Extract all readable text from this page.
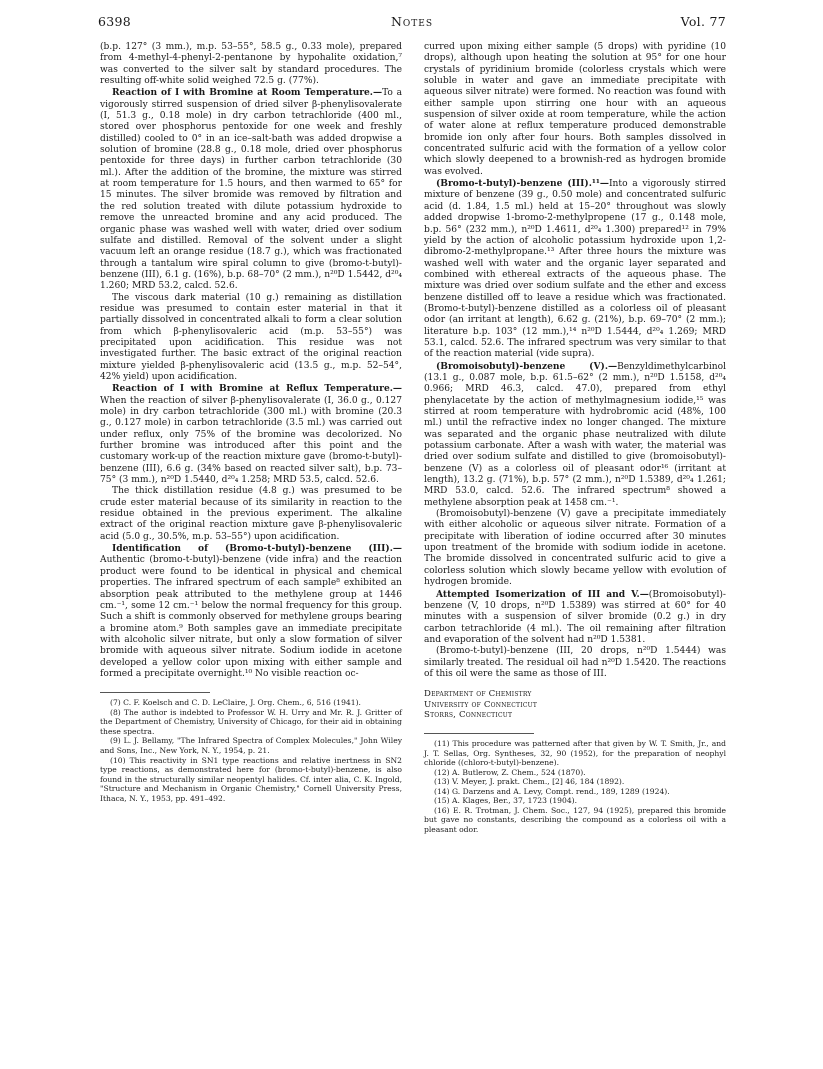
6398	Notes	Vol. 77

(b.p. 127° (3 mm.), m.p. 53–55°, 58.5 g., 0.33 mole), prepared from 4-methyl-4-phenyl-2-pentanone by hypohalite oxidation,⁷ was converted to the silver salt by standard procedures. The resulting off-white solid weighed 72.5 g. (77%).

Reaction of I with Bromine at Room Temperature.—To a vigorously stirred suspension of dried silver β-phenylisovalerate (I, 51.3 g., 0.18 mole) in dry carbon tetrachloride (400 ml., stored over phosphorus pentoxide for one week and freshly distilled) cooled to 0° in an ice–salt-bath was added dropwise a solution of bromine (28.8 g., 0.18 mole, dried over phosphorus pentoxide for three days) in further carbon tetrachloride (30 ml.). After the addition of the bromine, the mixture was stirred at room temperature for 1.5 hours, and then warmed to 65° for 15 minutes. The silver bromide was removed by filtration and the red solution treated with dilute potassium hydroxide to remove the unreacted bromine and any acid produced. The organic phase was washed well with water, dried over sodium sulfate and distilled. Removal of the solvent under a slight vacuum left an orange residue (18.7 g.), which was fractionated through a tantalum wire spiral column to give (bromo-t-butyl)-benzene (III), 6.1 g. (16%), b.p. 68–70° (2 mm.), n²⁰D 1.5442, d²⁰₄ 1.260; MRD 53.2, calcd. 52.6.

The viscous dark material (10 g.) remaining as distillation residue was presumed to contain ester material in that it partially dissolved in concentrated alkali to form a clear solution from which β-phenylisovaleric acid (m.p. 53–55°) was precipitated upon acidification. This residue was not investigated further. The basic extract of the original reaction mixture yielded β-phenylisovaleric acid (13.5 g., m.p. 52–54°, 42% yield) upon acidification.

Reaction of I with Bromine at Reflux Temperature.—When the reaction of silver β-phenylisovalerate (I, 36.0 g., 0.127 mole) in dry carbon tetrachloride (300 ml.) with bromine (20.3 g., 0.127 mole) in carbon tetrachloride (3.5 ml.) was carried out under reflux, only 75% of the bromine was decolorized. No further bromine was introduced after this point and the customary work-up of the reaction mixture gave (bromo-t-butyl)-benzene (III), 6.6 g. (34% based on reacted silver salt), b.p. 73–75° (3 mm.), n²⁰D 1.5440, d²⁰₄ 1.258; MRD 53.5, calcd. 52.6.

The thick distillation residue (4.8 g.) was presumed to be crude ester material because of its similarity in reaction to the residue obtained in the previous experiment. The alkaline extract of the original reaction mixture gave β-phenylisovaleric acid (5.0 g., 30.5%, m.p. 53–55°) upon acidification.

Identification of (Bromo-t-butyl)-benzene (III).—Authentic (bromo-t-butyl)-benzene (vide infra) and the reaction product were found to be identical in physical and chemical properties. The infrared spectrum of each sample⁸ exhibited an absorption peak attributed to the methylene group at 1446 cm.⁻¹, some 12 cm.⁻¹ below the normal frequency for this group. Such a shift is commonly observed for methylene groups bearing a bromine atom.⁹ Both samples gave an immediate precipitate with alcoholic silver nitrate, but only a slow formation of silver bromide with aqueous silver nitrate. Sodium iodide in acetone developed a yellow color upon mixing with either sample and formed a precipitate overnight.¹⁰ No visible reaction oc-

(7) C. F. Koelsch and C. D. LeClaire, J. Org. Chem., 6, 516 (1941).

(8) The author is indebted to Professor W. H. Urry and Mr. R. J. Gritter of the Department of Chemistry, University of Chicago, for their aid in obtaining these spectra.

(9) L. J. Bellamy, "The Infrared Spectra of Complex Molecules," John Wiley and Sons, Inc., New York, N. Y., 1954, p. 21.

(10) This reactivity in SN1 type reactions and relative inertness in SN2 type reactions, as demonstrated here for (bromo-t-butyl)-benzene, is also found in the structurally similar neopentyl halides. Cf. inter alia, C. K. Ingold, "Structure and Mechanism in Organic Chemistry," Cornell University Press, Ithaca, N. Y., 1953, pp. 491–492.

curred upon mixing either sample (5 drops) with pyridine (10 drops), although upon heating the solution at 95° for one hour crystals of pyridinium bromide (colorless crystals which were soluble in water and gave an immediate precipitate with aqueous silver nitrate) were formed. No reaction was found with either sample upon stirring one hour with an aqueous suspension of silver oxide at room temperature, while the action of water alone at reflux temperature produced demonstrable bromide ion only after four hours. Both samples dissolved in concentrated sulfuric acid with the formation of a yellow color which slowly deepened to a brownish-red as hydrogen bromide was evolved.

(Bromo-t-butyl)-benzene (III).¹¹—Into a vigorously stirred mixture of benzene (39 g., 0.50 mole) and concentrated sulfuric acid (d. 1.84, 1.5 ml.) held at 15–20° throughout was slowly added dropwise 1-bromo-2-methylpropene (17 g., 0.148 mole, b.p. 56° (232 mm.), n²⁰D 1.4611, d²⁰₄ 1.300) prepared¹² in 79% yield by the action of alcoholic potassium hydroxide upon 1,2-dibromo-2-methylpropane.¹³ After three hours the mixture was washed well with water and the organic layer separated and combined with ethereal extracts of the aqueous phase. The mixture was dried over sodium sulfate and the ether and excess benzene distilled off to leave a residue which was fractionated. (Bromo-t-butyl)-benzene distilled as a colorless oil of pleasant odor (an irritant at length), 6.62 g. (21%), b.p. 69–70° (2 mm.); literature b.p. 103° (12 mm.),¹⁴ n²⁰D 1.5444, d²⁰₄ 1.269; MRD 53.1, calcd. 52.6. The infrared spectrum was very similar to that of the reaction material (vide supra).

(Bromoisobutyl)-benzene (V).—Benzyldimethylcarbinol (13.1 g., 0.087 mole, b.p. 61.5–62° (2 mm.), n²⁰D 1.5158, d²⁰₄ 0.966; MRD 46.3, calcd. 47.0), prepared from ethyl phenylacetate by the action of methylmagnesium iodide,¹⁵ was stirred at room temperature with hydrobromic acid (48%, 100 ml.) until the refractive index no longer changed. The mixture was separated and the organic phase neutralized with dilute potassium carbonate. After a wash with water, the material was dried over sodium sulfate and distilled to give (bromoisobutyl)-benzene (V) as a colorless oil of pleasant odor¹⁶ (irritant at length), 13.2 g. (71%), b.p. 57° (2 mm.), n²⁰D 1.5389, d²⁰₄ 1.261; MRD 53.0, calcd. 52.6. The infrared spectrum⁸ showed a methylene absorption peak at 1458 cm.⁻¹.

(Bromoisobutyl)-benzene (V) gave a precipitate immediately with either alcoholic or aqueous silver nitrate. Formation of a precipitate with liberation of iodine occurred after 30 minutes upon treatment of the bromide with sodium iodide in acetone. The bromide dissolved in concentrated sulfuric acid to give a colorless solution which slowly became yellow with evolution of hydrogen bromide.

Attempted Isomerization of III and V.—(Bromoisobutyl)-benzene (V, 10 drops, n²⁰D 1.5389) was stirred at 60° for 40 minutes with a suspension of silver bromide (0.2 g.) in dry carbon tetrachloride (4 ml.). The oil remaining after filtration and evaporation of the solvent had n²⁰D 1.5381.

(Bromo-t-butyl)-benzene (III, 20 drops, n²⁰D 1.5444) was similarly treated. The residual oil had n²⁰D 1.5420. The reactions of this oil were the same as those of III.

Department of Chemistry
University of Connecticut
Storrs, Connecticut

(11) This procedure was patterned after that given by W. T. Smith, Jr., and J. T. Sellas, Org. Syntheses, 32, 90 (1952), for the preparation of neophyl chloride ((chloro-t-butyl)-benzene).

(12) A. Butlerow, Z. Chem., 524 (1870).

(13) V. Meyer, J. prakt. Chem., [2] 46, 184 (1892).

(14) G. Darzens and A. Levy, Compt. rend., 189, 1289 (1924).

(15) A. Klages, Ber., 37, 1723 (1904).

(16) E. R. Trotman, J. Chem. Soc., 127, 94 (1925), prepared this bromide but gave no constants, describing the compound as a colorless oil with a pleasant odor.
